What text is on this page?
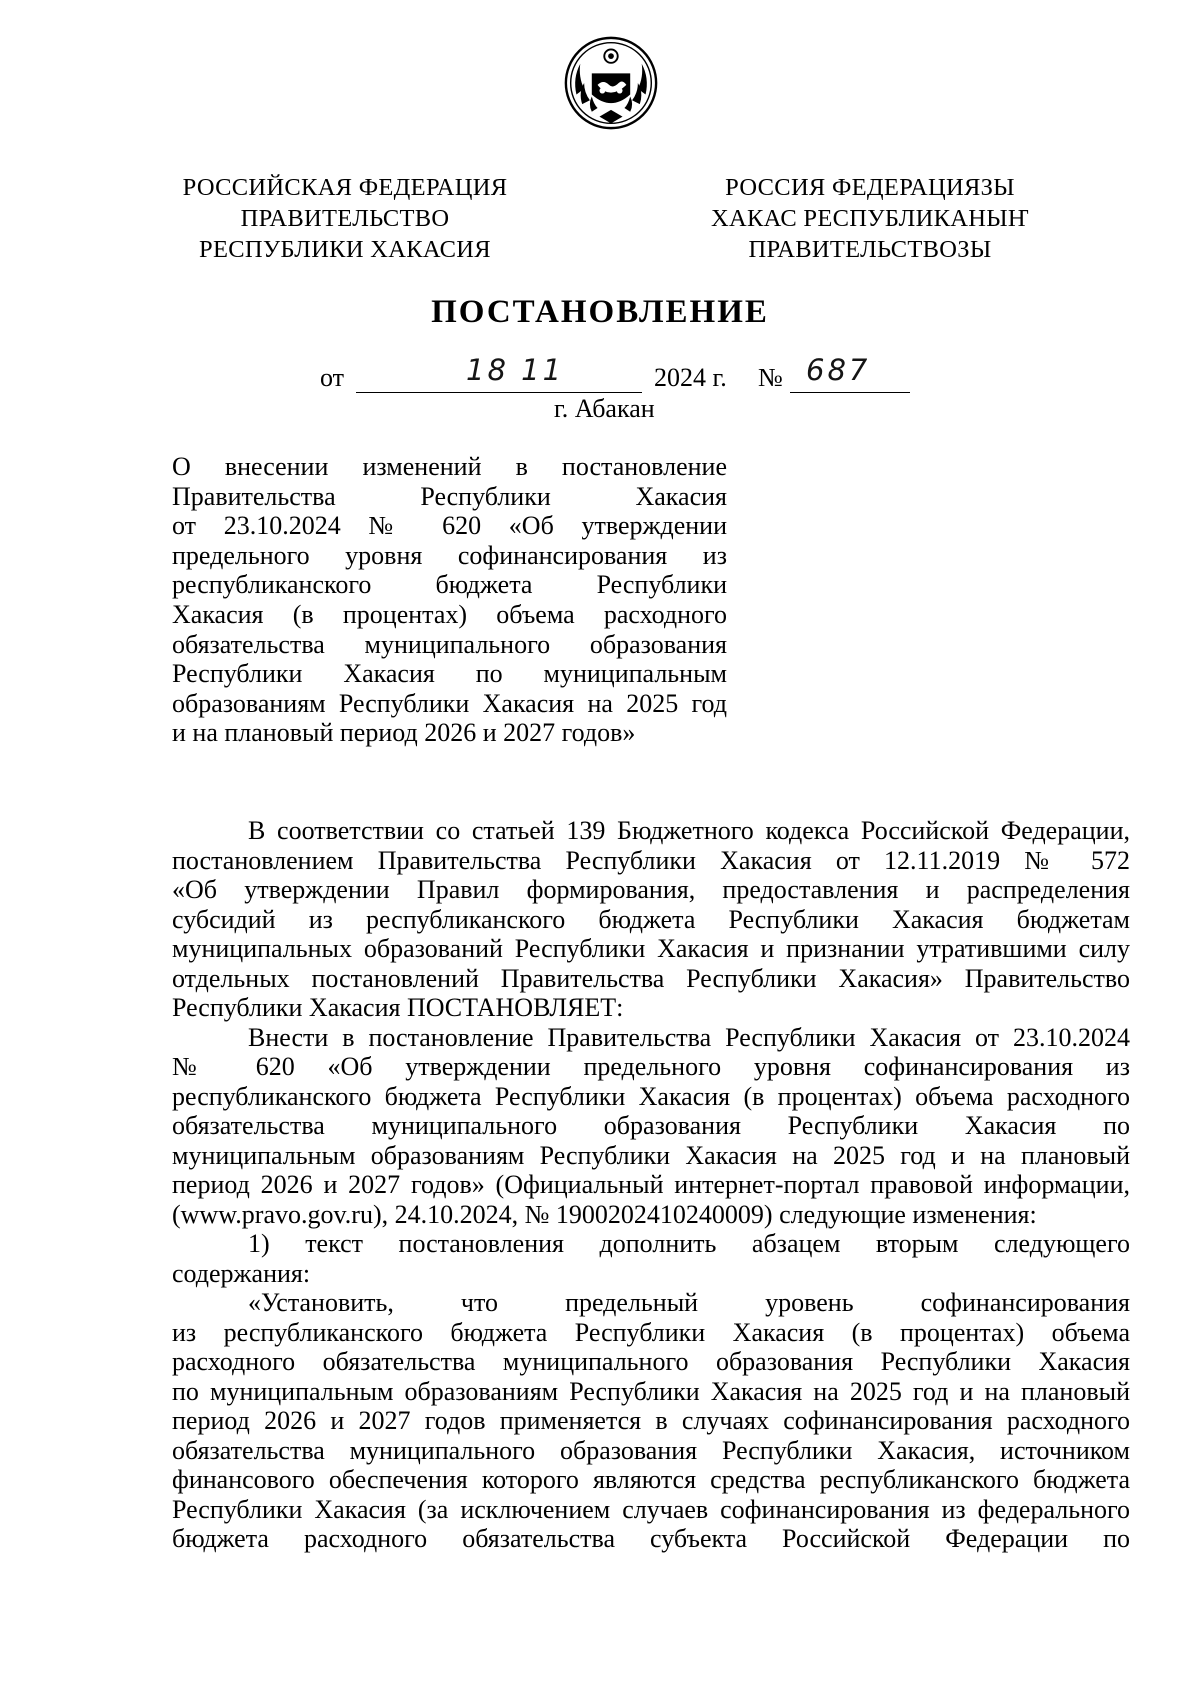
РОССИЙСКАЯ ФЕДЕРАЦИЯ
ПРАВИТЕЛЬСТВО
РЕСПУБЛИКИ ХАКАСИЯ
РОССИЯ ФЕДЕРАЦИЯЗЫ
ХАКАС РЕСПУБЛИКАНЫҤ
ПРАВИТЕЛЬСТВОЗЫ
ПОСТАНОВЛЕНИЕ
от	18 11	2024 г. № 687
г. Абакан
О внесении изменений в постановление
Правительства Республики Хакасия
от 23.10.2024 № 620 «Об утверждении
предельного уровня софинансирования из
республиканского бюджета Республики
Хакасия (в процентах) объема расходного
обязательства муниципального образования
Республики Хакасия по муниципальным
образованиям Республики Хакасия на 2025 год
и на плановый период 2026 и 2027 годов»
В соответствии со статьей 139 Бюджетного кодекса Российской Федерации,
постановлением Правительства Республики Хакасия от 12.11.2019 № 572
«Об утверждении Правил формирования, предоставления и распределения
субсидий из республиканского бюджета Республики Хакасия бюджетам
муниципальных образований Республики Хакасия и признании утратившими силу
отдельных постановлений Правительства Республики Хакасия» Правительство
Республики Хакасия ПОСТАНОВЛЯЕТ:
Внести в постановление Правительства Республики Хакасия от 23.10.2024
№ 620 «Об утверждении предельного уровня софинансирования из
республиканского бюджета Республики Хакасия (в процентах) объема расходного
обязательства муниципального образования Республики Хакасия по
муниципальным образованиям Республики Хакасия на 2025 год и на плановый
период 2026 и 2027 годов» (Официальный интернет-портал правовой информации,
(www.pravo.gov.ru), 24.10.2024, № 1900202410240009) следующие изменения:
1) текст постановления дополнить абзацем вторым следующего
содержания:
«Установить, что предельный уровень софинансирования
из республиканского бюджета Республики Хакасия (в процентах) объема
расходного обязательства муниципального образования Республики Хакасия
по муниципальным образованиям Республики Хакасия на 2025 год и на плановый
период 2026 и 2027 годов применяется в случаях софинансирования расходного
обязательства муниципального образования Республики Хакасия, источником
финансового обеспечения которого являются средства республиканского бюджета
Республики Хакасия (за исключением случаев софинансирования из федерального
бюджета расходного обязательства субъекта Российской Федерации по
